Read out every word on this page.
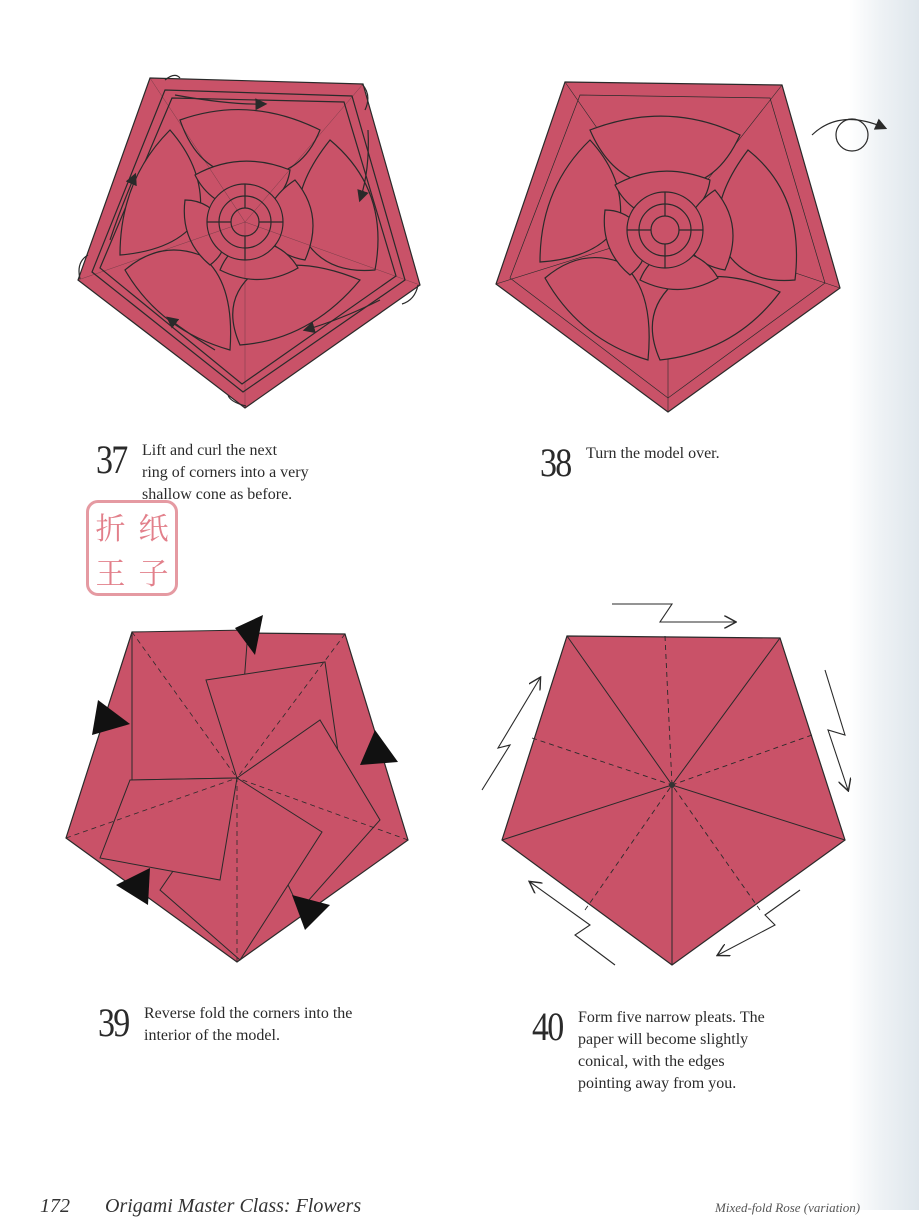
37 Lift and curl the next
ring of corners into a very
shallow cone as before.
38 Turn the model over.
39 Reverse fold the corners into the
interior of the model.	40 Form five narrow pleats. The
paper will become slightly
conical, with the edges
pointing away from you.
折 纸
王 子
172 Origami Master Class: Flowers	Mixed-fold Rose (variation)
